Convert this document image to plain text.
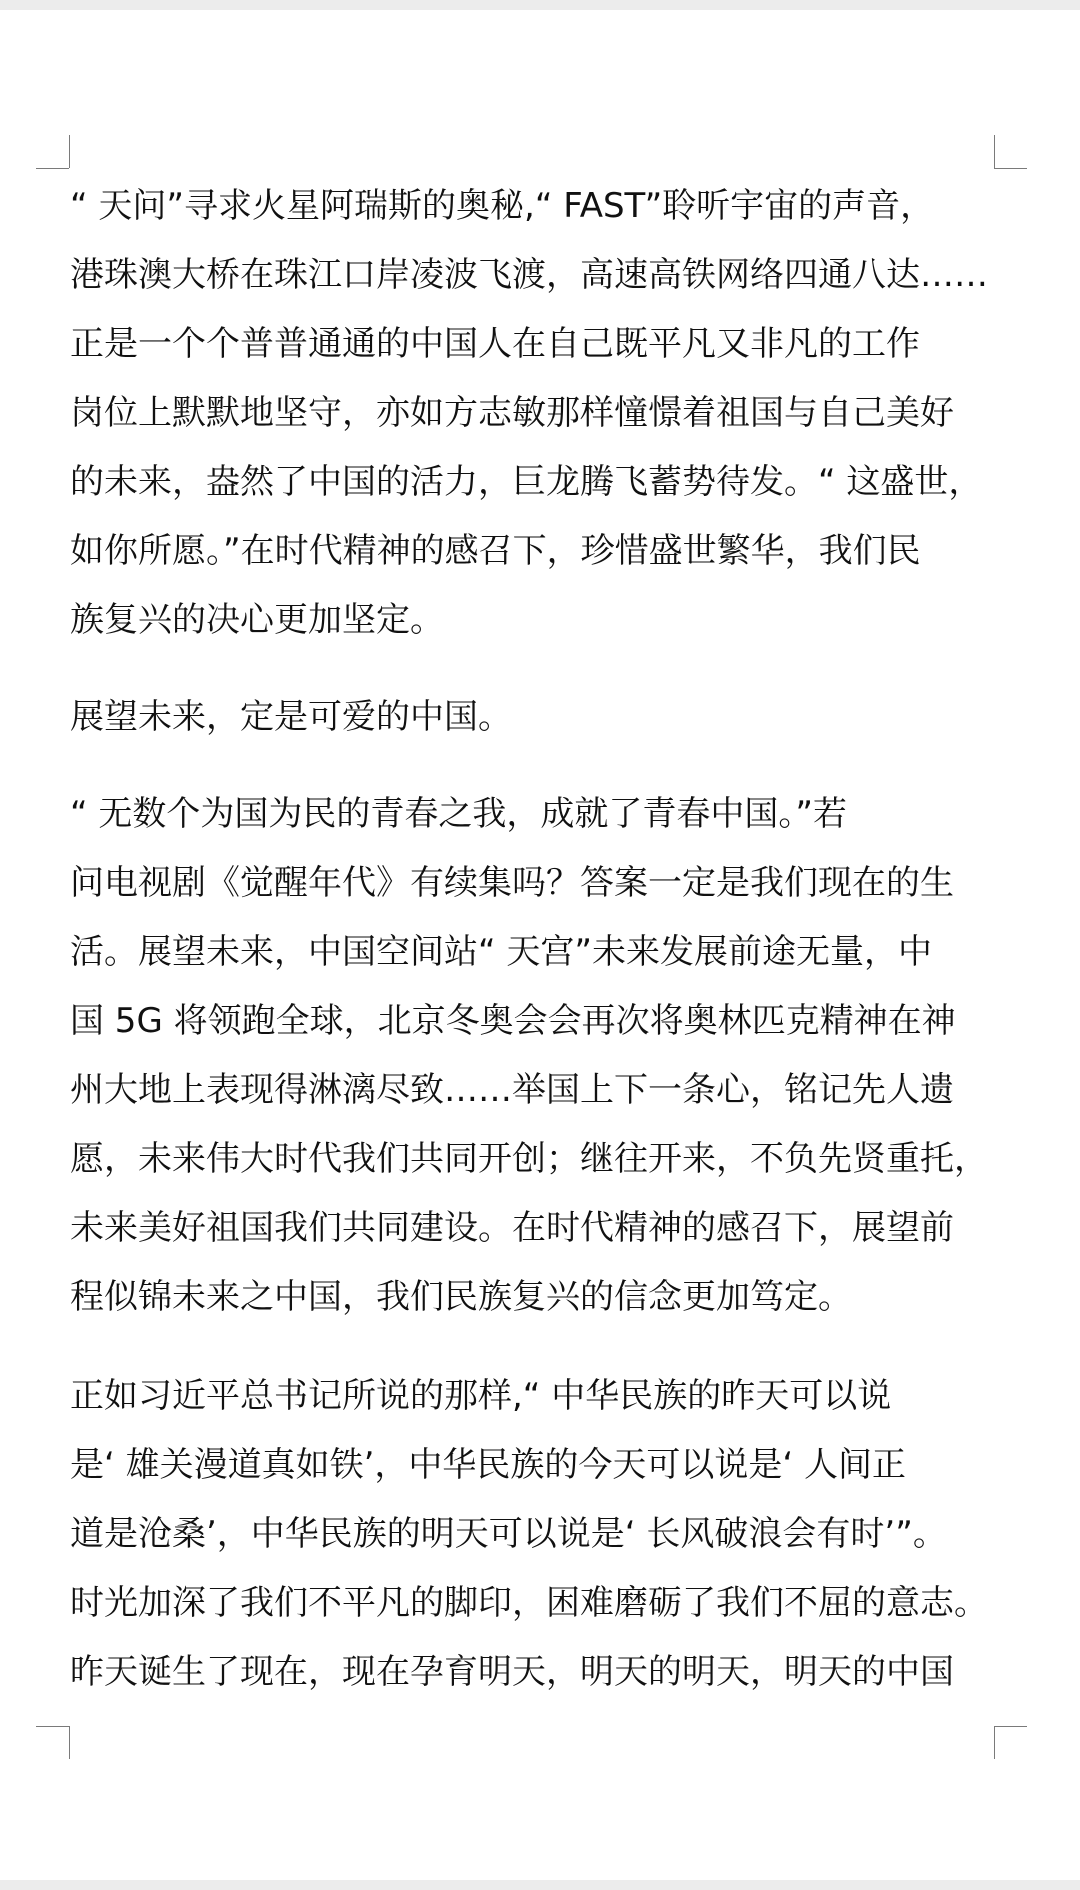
“ 天问”寻求火星阿瑞斯的奥秘,“ FAST”聆听宇宙的声音，
港珠澳大桥在珠江口岸凌波飞渡，高速高铁网络四通八达……
正是一个个普普通通的中国人在自己既平凡又非凡的工作
岗位上默默地坚守，亦如方志敏那样憧憬着祖国与自己美好
的未来，盎然了中国的活力，巨龙腾飞蓄势待发。“ 这盛世，
如你所愿。”在时代精神的感召下，珍惜盛世繁华，我们民
族复兴的决心更加坚定。

展望未来，定是可爱的中国。

“ 无数个为国为民的青春之我，成就了青春中国。”若
问电视剧《觉醒年代》有续集吗？答案一定是我们现在的生
活。展望未来，中国空间站“ 天宫”未来发展前途无量，中
国 5G 将领跑全球，北京冬奥会会再次将奥林匹克精神在神
州大地上表现得淋漓尽致……举国上下一条心，铭记先人遗
愿，未来伟大时代我们共同开创；继往开来，不负先贤重托，
未来美好祖国我们共同建设。在时代精神的感召下，展望前
程似锦未来之中国，我们民族复兴的信念更加笃定。

正如习近平总书记所说的那样,“ 中华民族的昨天可以说
是‘ 雄关漫道真如铁’，中华民族的今天可以说是‘ 人间正
道是沧桑’，中华民族的明天可以说是‘ 长风破浪会有时’”。
时光加深了我们不平凡的脚印，困难磨砺了我们不屈的意志。
昨天诞生了现在，现在孕育明天，明天的明天，明天的中国
